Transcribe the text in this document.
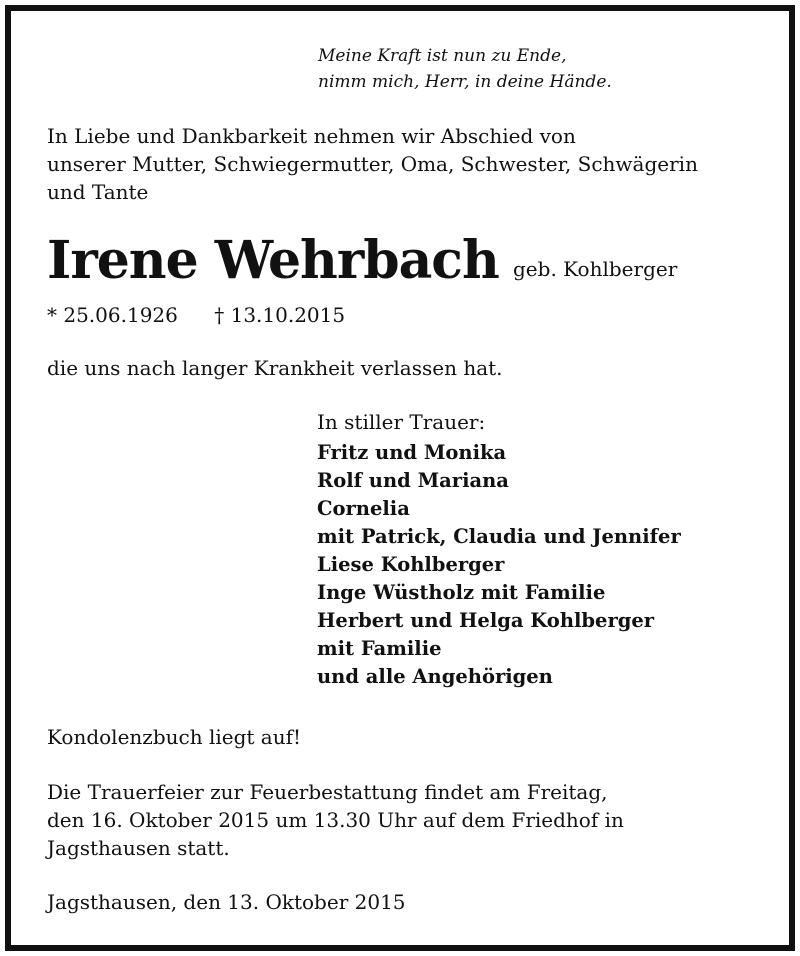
Meine Kraft ist nun zu Ende,
nimm mich, Herr, in deine Hände.
In Liebe und Dankbarkeit nehmen wir Abschied von
unserer Mutter, Schwiegermutter, Oma, Schwester, Schwägerin
und Tante
Irene Wehrbach geb. Kohlberger
* 25.06.1926 † 13.10.2015
die uns nach langer Krankheit verlassen hat.
In stiller Trauer:
Fritz und Monika
Rolf und Mariana
Cornelia
mit Patrick, Claudia und Jennifer
Liese Kohlberger
Inge Wüstholz mit Familie
Herbert und Helga Kohlberger
mit Familie
und alle Angehörigen
Kondolenzbuch liegt auf!
Die Trauerfeier zur Feuerbestattung findet am Freitag,
den 16. Oktober 2015 um 13.30 Uhr auf dem Friedhof in
Jagsthausen statt.
Jagsthausen, den 13. Oktober 2015
